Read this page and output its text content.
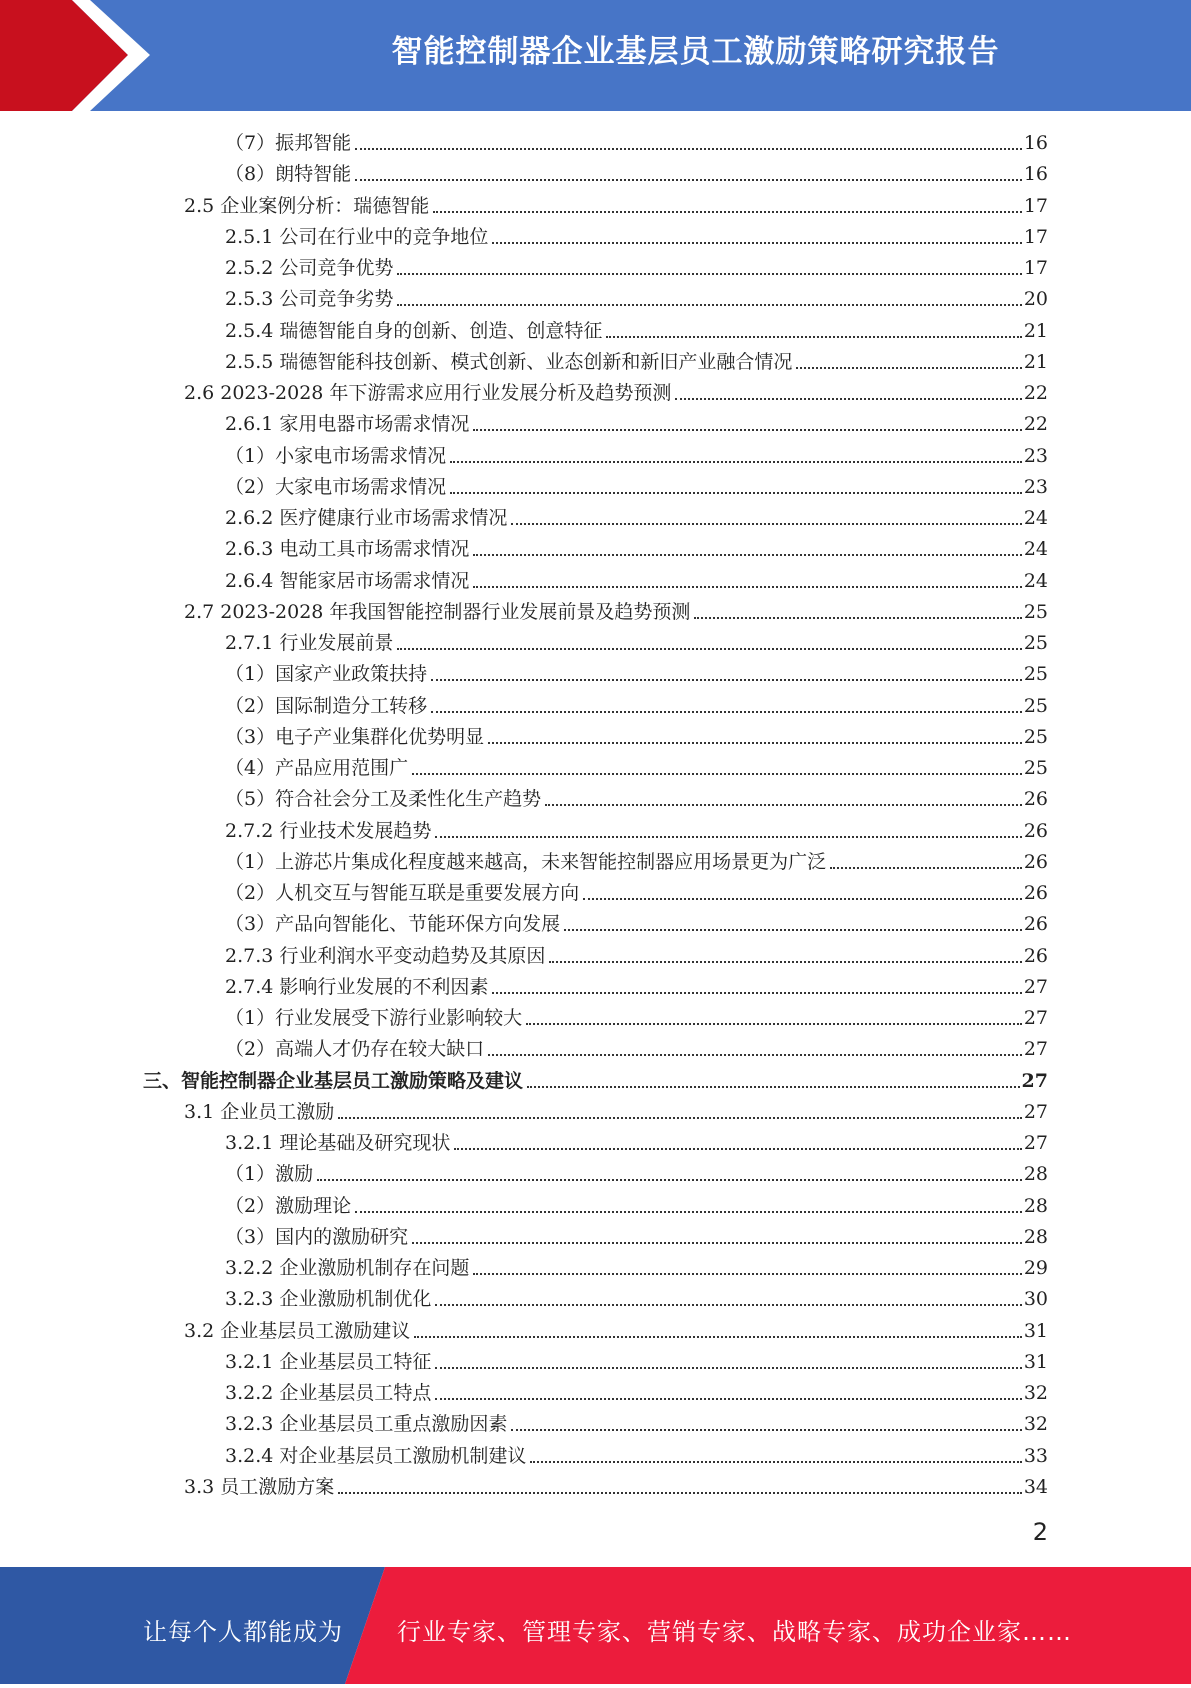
智能控制器企业基层员工激励策略研究报告
（7）振邦智能	16
（8）朗特智能	16
2.5 企业案例分析：瑞德智能	17
2.5.1 公司在行业中的竞争地位	17
2.5.2 公司竞争优势	17
2.5.3 公司竞争劣势	20
2.5.4 瑞德智能自身的创新、创造、创意特征	21
2.5.5 瑞德智能科技创新、模式创新、业态创新和新旧产业融合情况	21
2.6 2023-2028 年下游需求应用行业发展分析及趋势预测	22
2.6.1 家用电器市场需求情况	22
（1）小家电市场需求情况	23
（2）大家电市场需求情况	23
2.6.2 医疗健康行业市场需求情况	24
2.6.3 电动工具市场需求情况	24
2.6.4 智能家居市场需求情况	24
2.7 2023-2028 年我国智能控制器行业发展前景及趋势预测	25
2.7.1 行业发展前景	25
（1）国家产业政策扶持	25
（2）国际制造分工转移	25
（3）电子产业集群化优势明显	25
（4）产品应用范围广	25
（5）符合社会分工及柔性化生产趋势	26
2.7.2 行业技术发展趋势	26
（1）上游芯片集成化程度越来越高，未来智能控制器应用场景更为广泛	26
（2）人机交互与智能互联是重要发展方向	26
（3）产品向智能化、节能环保方向发展	26
2.7.3 行业利润水平变动趋势及其原因	26
2.7.4 影响行业发展的不利因素	27
（1）行业发展受下游行业影响较大	27
（2）高端人才仍存在较大缺口	27
三、智能控制器企业基层员工激励策略及建议	27
3.1 企业员工激励	27
3.2.1 理论基础及研究现状	27
（1）激励	28
（2）激励理论	28
（3）国内的激励研究	28
3.2.2 企业激励机制存在问题	29
3.2.3 企业激励机制优化	30
3.2 企业基层员工激励建议	31
3.2.1 企业基层员工特征	31
3.2.2 企业基层员工特点	32
3.2.3 企业基层员工重点激励因素	32
3.2.4 对企业基层员工激励机制建议	33
3.3 员工激励方案	34
2
让每个人都能成为 行业专家、管理专家、营销专家、战略专家、成功企业家……
